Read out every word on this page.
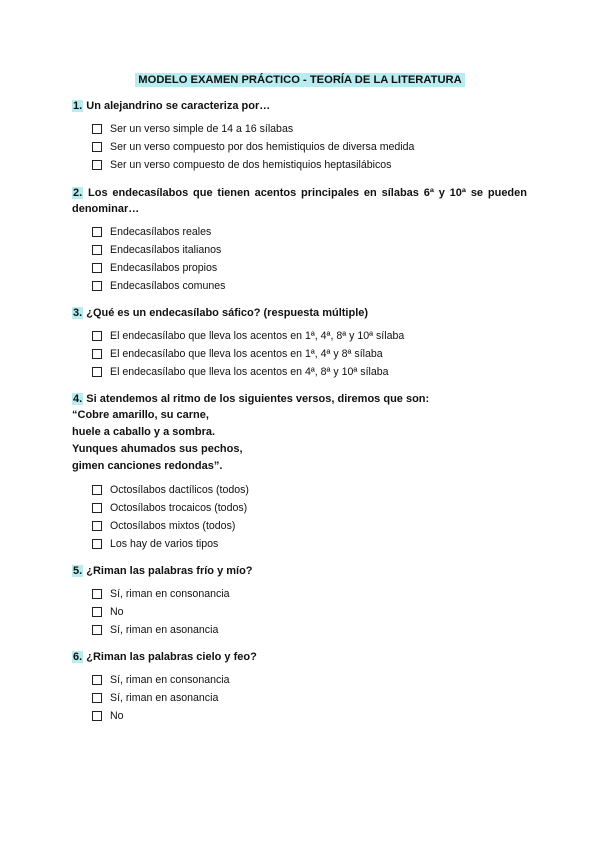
MODELO EXAMEN PRÁCTICO - TEORÍA DE LA LITERATURA
1. Un alejandrino se caracteriza por…
Ser un verso simple de 14 a 16 sílabas
Ser un verso compuesto por dos hemistiquios de diversa medida
Ser un verso compuesto de dos hemistiquios heptasilábicos
2. Los endecasílabos que tienen acentos principales en sílabas 6ª y 10ª se pueden denominar…
Endecasílabos reales
Endecasílabos italianos
Endecasílabos propios
Endecasílabos comunes
3. ¿Qué es un endecasílabo sáfico? (respuesta múltiple)
El endecasílabo que lleva los acentos en 1ª, 4ª, 8ª y 10ª sílaba
El endecasílabo que lleva los acentos en 1ª, 4ª y 8ª sílaba
El endecasílabo que lleva los acentos en 4ª, 8ª y 10ª sílaba
4. Si atendemos al ritmo de los siguientes versos, diremos que son:
“Cobre amarillo, su carne,
huele a caballo y a sombra.
Yunques ahumados sus pechos,
gimen canciones redondas”.
Octosílabos dactílicos (todos)
Octosílabos trocaicos (todos)
Octosílabos mixtos (todos)
Los hay de varios tipos
5. ¿Riman las palabras frío y mío?
Sí, riman en consonancia
No
Sí, riman en asonancia
6. ¿Riman las palabras cielo y feo?
Sí, riman en consonancia
Sí, riman en asonancia
No
